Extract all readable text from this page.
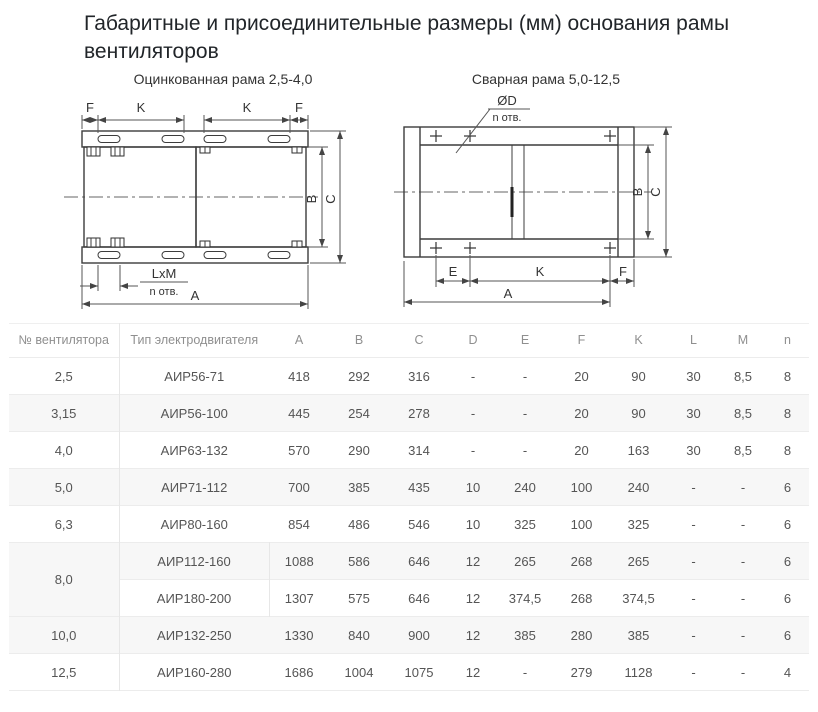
Габаритные и присоединительные размеры (мм) основания рамы вентиляторов
Оцинкованная рама 2,5-4,0
F	K	K	F
B C
LxM
n отв. A
Сварная рама 5,0-12,5
ØD
n отв.
B C
E	K	F
A
№ вентилятора	Тип электродвигателя	A	B	C	D	E	F	K	L	M	n
2,5	АИР56-71	418	292	316	-	-	20	90	30	8,5	8
3,15	АИР56-100	445	254	278	-	-	20	90	30	8,5	8
4,0	АИР63-132	570	290	314	-	-	20	163	30	8,5	8
5,0	АИР71-112	700	385	435	10	240	100	240	-	-	6
6,3	АИР80-160	854	486	546	10	325	100	325	-	-	6
8,0	АИР112-160	1088	586	646	12	265	268	265	-	-	6
	АИР180-200	1307	575	646	12	374,5	268	374,5	-	-	6
10,0	АИР132-250	1330	840	900	12	385	280	385	-	-	6
12,5	АИР160-280	1686	1004	1075	12	-	279	1128	-	-	4
